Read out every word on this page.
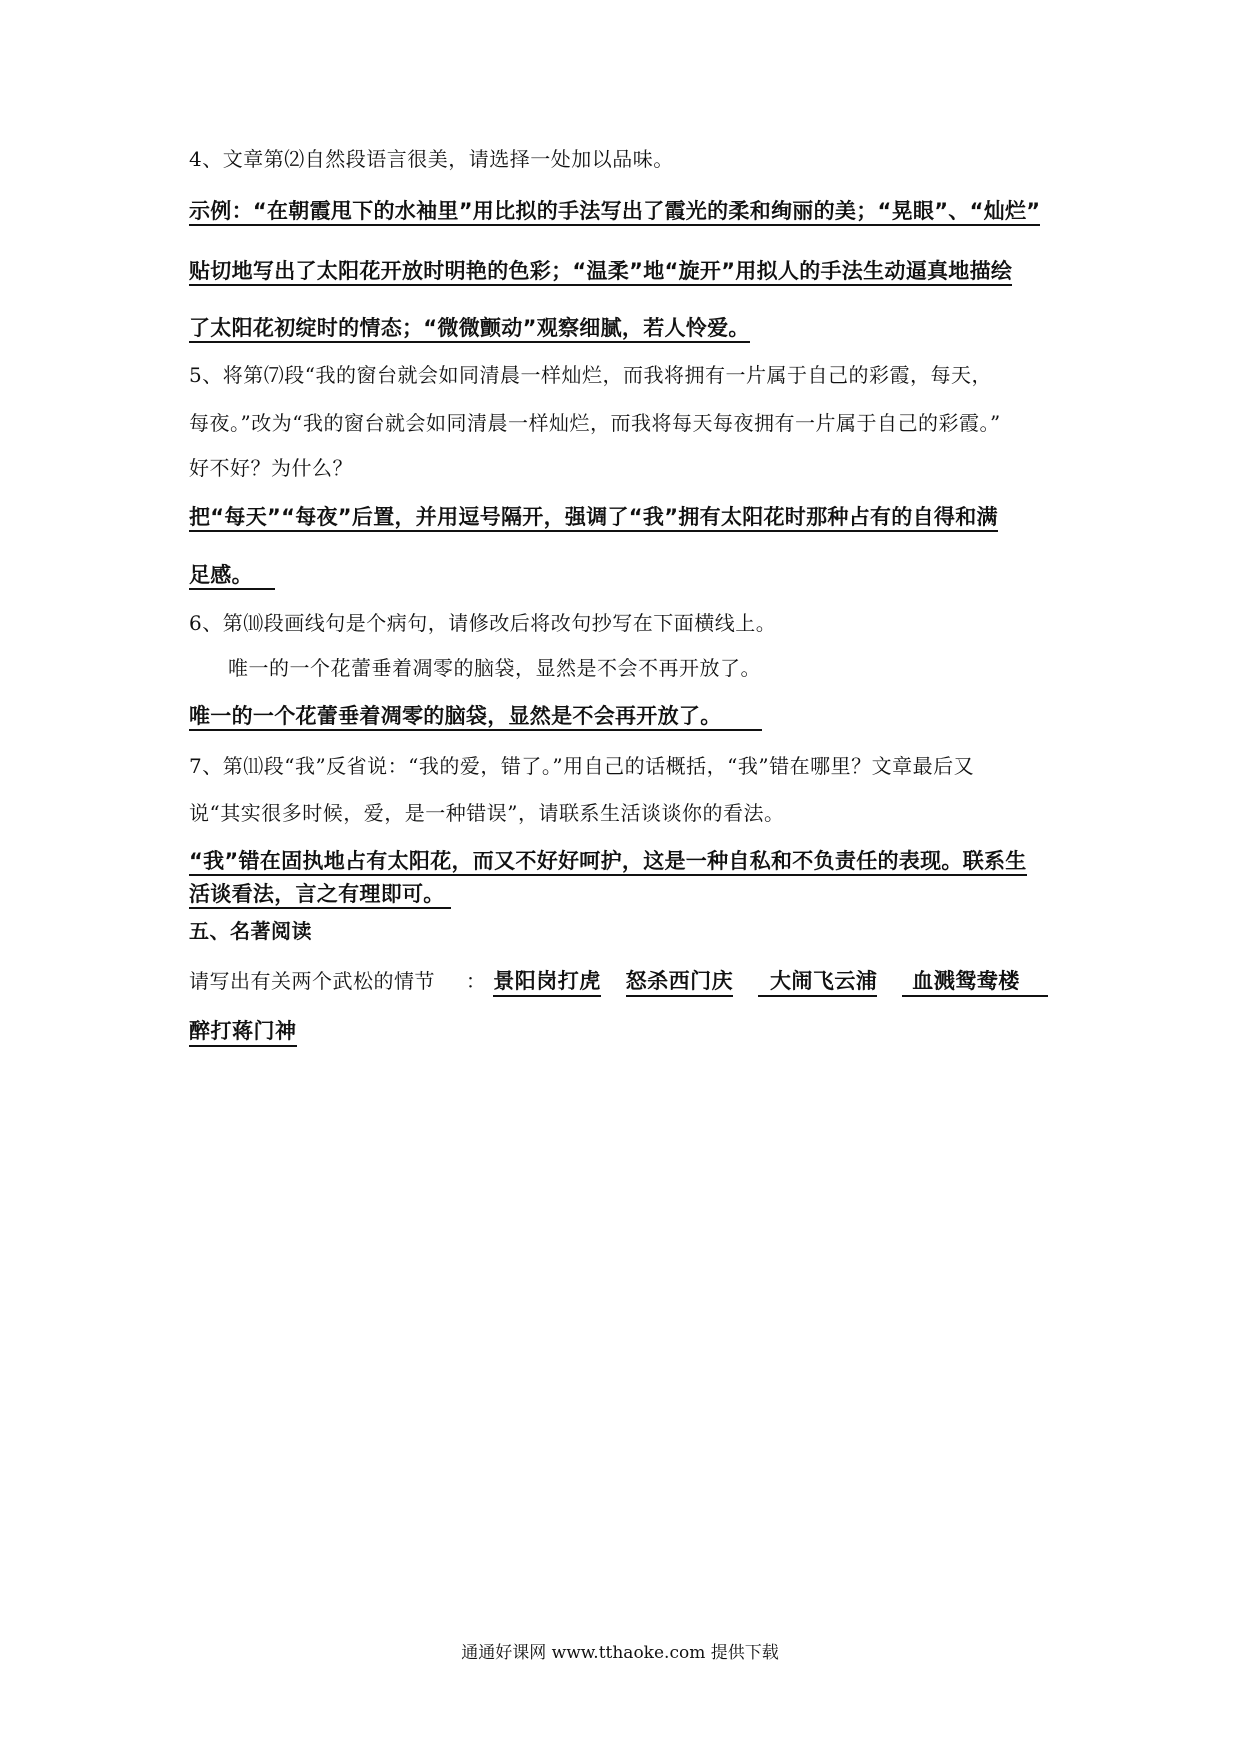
4、文章第⑵自然段语言很美，请选择一处加以品味。
示例：“在朝霞甩下的水袖里”用比拟的手法写出了霞光的柔和绚丽的美；“晃眼”、“灿烂”
贴切地写出了太阳花开放时明艳的色彩；“温柔”地“旋开”用拟人的手法生动逼真地描绘
了太阳花初绽时的情态；“微微颤动”观察细腻，若人怜爱。
5、将第⑺段“我的窗台就会如同清晨一样灿烂，而我将拥有一片属于自己的彩霞，每天，
每夜。”改为“我的窗台就会如同清晨一样灿烂，而我将每天每夜拥有一片属于自己的彩霞。”
好不好？为什么？
把“每天”“每夜”后置，并用逗号隔开，强调了“我”拥有太阳花时那种占有的自得和满
足感。
6、第⑽段画线句是个病句，请修改后将改句抄写在下面横线上。
唯一的一个花蕾垂着凋零的脑袋，显然是不会不再开放了。
唯一的一个花蕾垂着凋零的脑袋，显然是不会再开放了。
7、第⑾段“我”反省说：“我的爱，错了。”用自己的话概括，“我”错在哪里？文章最后又
说“其实很多时候，爱，是一种错误”，请联系生活谈谈你的看法。
“我”错在固执地占有太阳花，而又不好好呵护，这是一种自私和不负责任的表现。联系生
活谈看法，言之有理即可。
五、名著阅读
请写出有关两个武松的情节 ： 景阳岗打虎 怒杀西门庆 大闹飞云浦 血溅鸳鸯楼
醉打蒋门神
通通好课网 www.tthaoke.com 提供下载
